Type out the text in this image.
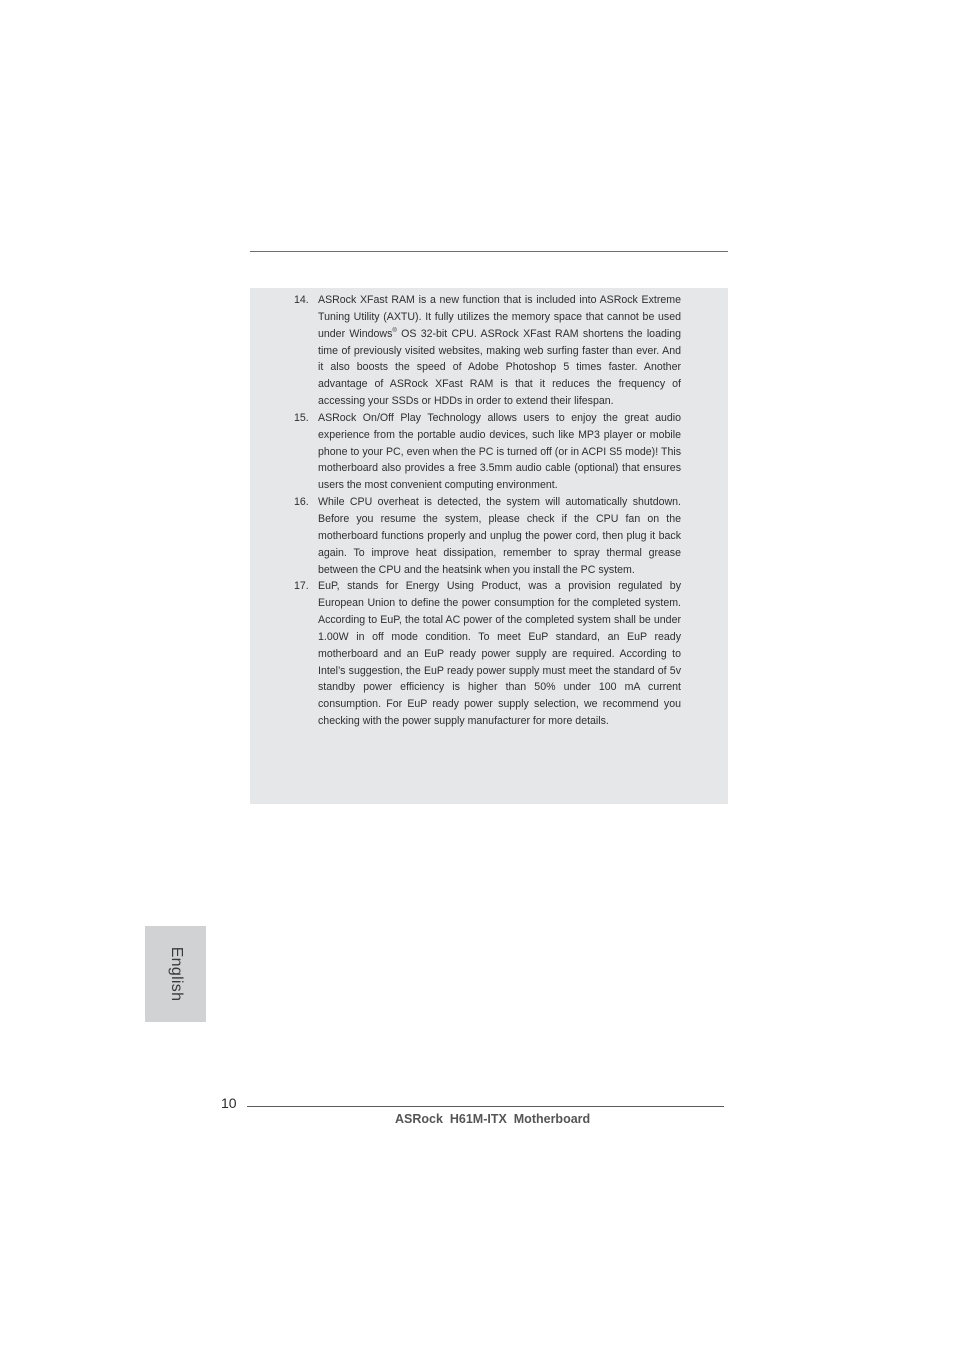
14. ASRock XFast RAM is a new function that is included into ASRock Extreme Tuning Utility (AXTU). It fully utilizes the memory space that cannot be used under Windows® OS 32-bit CPU. ASRock XFast RAM shortens the loading time of previously visited websites, making web surfing faster than ever. And it also boosts the speed of Adobe Photoshop 5 times faster. Another advantage of ASRock XFast RAM is that it reduces the frequency of accessing your SSDs or HDDs in order to extend their lifespan.
15. ASRock On/Off Play Technology allows users to enjoy the great audio experience from the portable audio devices, such like MP3 player or mobile phone to your PC, even when the PC is turned off (or in ACPI S5 mode)! This motherboard also provides a free 3.5mm audio cable (optional) that ensures users the most convenient computing environment.
16. While CPU overheat is detected, the system will automatically shutdown. Before you resume the system, please check if the CPU fan on the motherboard functions properly and unplug the power cord, then plug it back again. To improve heat dissipation, remember to spray thermal grease between the CPU and the heatsink when you install the PC system.
17. EuP, stands for Energy Using Product, was a provision regulated by European Union to define the power consumption for the completed system. According to EuP, the total AC power of the completed system shall be under 1.00W in off mode condition. To meet EuP standard, an EuP ready motherboard and an EuP ready power supply are required. According to Intel’s suggestion, the EuP ready power supply must meet the standard of 5v standby power efficiency is higher than 50% under 100 mA current consumption. For EuP ready power supply selection, we recommend you checking with the power supply manufacturer for more details.
English
10
ASRock  H61M-ITX  Motherboard
